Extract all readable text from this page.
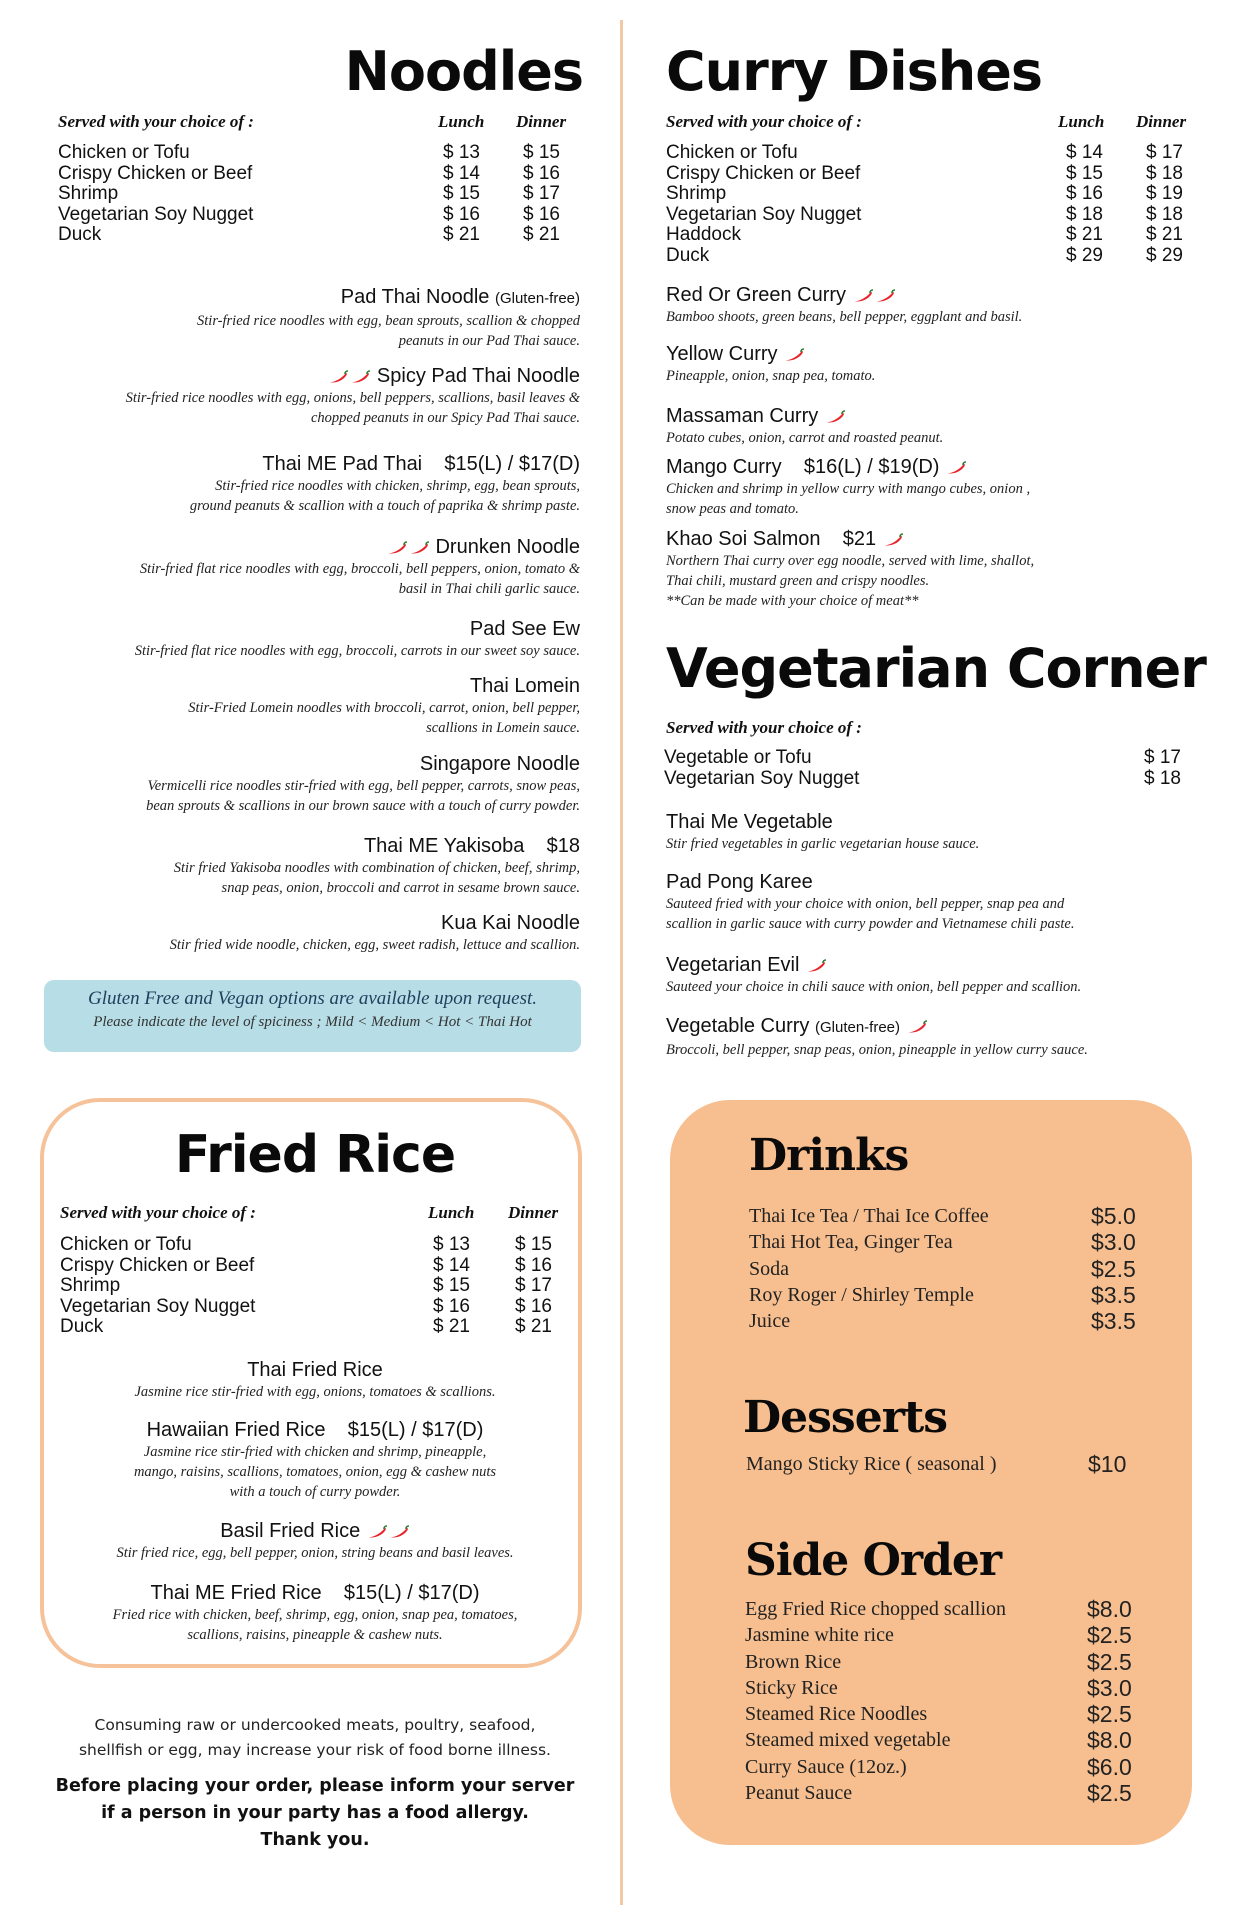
Noodles
Served with your choice of :	Lunch Dinner
Chicken or Tofu	$ 13 $ 15
Crispy Chicken or Beef	$ 14 $ 16
Shrimp	$ 15 $ 17
Vegetarian Soy Nugget	$ 16 $ 16
Duck	$ 21 $ 21
Pad Thai Noodle (Gluten-free)
Stir-fried rice noodles with egg, bean sprouts, scallion & chopped
peanuts in our Pad Thai sauce.
Spicy Pad Thai Noodle
Stir-fried rice noodles with egg, onions, bell peppers, scallions, basil leaves &
chopped peanuts in our Spicy Pad Thai sauce.
Thai ME Pad Thai $15(L) / $17(D)
Stir-fried rice noodles with chicken, shrimp, egg, bean sprouts,
ground peanuts & scallion with a touch of paprika & shrimp paste.
Drunken Noodle
Stir-fried flat rice noodles with egg, broccoli, bell peppers, onion, tomato &
basil in Thai chili garlic sauce.
Pad See Ew
Stir-fried flat rice noodles with egg, broccoli, carrots in our sweet soy sauce.
Thai Lomein
Stir-Fried Lomein noodles with broccoli, carrot, onion, bell pepper,
scallions in Lomein sauce.
Singapore Noodle
Vermicelli rice noodles stir-fried with egg, bell pepper, carrots, snow peas,
bean sprouts & scallions in our brown sauce with a touch of curry powder.
Thai ME Yakisoba $18
Stir fried Yakisoba noodles with combination of chicken, beef, shrimp,
snap peas, onion, broccoli and carrot in sesame brown sauce.
Kua Kai Noodle
Stir fried wide noodle, chicken, egg, sweet radish, lettuce and scallion.
Gluten Free and Vegan options are available upon request.
Please indicate the level of spiciness ; Mild < Medium < Hot < Thai Hot
Fried Rice
Served with your choice of :	Lunch Dinner
Chicken or Tofu	$ 13 $ 15
Crispy Chicken or Beef	$ 14 $ 16
Shrimp	$ 15 $ 17
Vegetarian Soy Nugget	$ 16 $ 16
Duck	$ 21 $ 21
Thai Fried Rice
Jasmine rice stir-fried with egg, onions, tomatoes & scallions.
Hawaiian Fried Rice $15(L) / $17(D)
Jasmine rice stir-fried with chicken and shrimp, pineapple,
mango, raisins, scallions, tomatoes, onion, egg & cashew nuts
with a touch of curry powder.
Basil Fried Rice
Stir fried rice, egg, bell pepper, onion, string beans and basil leaves.
Thai ME Fried Rice $15(L) / $17(D)
Fried rice with chicken, beef, shrimp, egg, onion, snap pea, tomatoes,
scallions, raisins, pineapple & cashew nuts.
Consuming raw or undercooked meats, poultry, seafood,
shellfish or egg, may increase your risk of food borne illness.
Before placing your order, please inform your server
if a person in your party has a food allergy.
Thank you.
Curry Dishes
Served with your choice of :	Lunch Dinner
Chicken or Tofu	$ 14 $ 17
Crispy Chicken or Beef	$ 15 $ 18
Shrimp	$ 16 $ 19
Vegetarian Soy Nugget	$ 18 $ 18
Haddock	$ 21 $ 21
Duck	$ 29 $ 29
Red Or Green Curry
Bamboo shoots, green beans, bell pepper, eggplant and basil.
Yellow Curry
Pineapple, onion, snap pea, tomato.
Massaman Curry
Potato cubes, onion, carrot and roasted peanut.
Mango Curry $16(L) / $19(D)
Chicken and shrimp in yellow curry with mango cubes, onion ,
snow peas and tomato.
Khao Soi Salmon $21
Northern Thai curry over egg noodle, served with lime, shallot,
Thai chili, mustard green and crispy noodles.
**Can be made with your choice of meat**
Vegetarian Corner
Served with your choice of :
Vegetable or Tofu	$ 17
Vegetarian Soy Nugget	$ 18
Thai Me Vegetable
Stir fried vegetables in garlic vegetarian house sauce.
Pad Pong Karee
Sauteed fried with your choice with onion, bell pepper, snap pea and
scallion in garlic sauce with curry powder and Vietnamese chili paste.
Vegetarian Evil
Sauteed your choice in chili sauce with onion, bell pepper and scallion.
Vegetable Curry (Gluten-free)
Broccoli, bell pepper, snap peas, onion, pineapple in yellow curry sauce.
Drinks
Thai Ice Tea / Thai Ice Coffee	$5.0
Thai Hot Tea, Ginger Tea	$3.0
Soda	$2.5
Roy Roger / Shirley Temple	$3.5
Juice	$3.5
Desserts
Mango Sticky Rice ( seasonal )	$10
Side Order
Egg Fried Rice chopped scallion	$8.0
Jasmine white rice	$2.5
Brown Rice	$2.5
Sticky Rice	$3.0
Steamed Rice Noodles	$2.5
Steamed mixed vegetable	$8.0
Curry Sauce (12oz.)	$6.0
Peanut Sauce	$2.5
